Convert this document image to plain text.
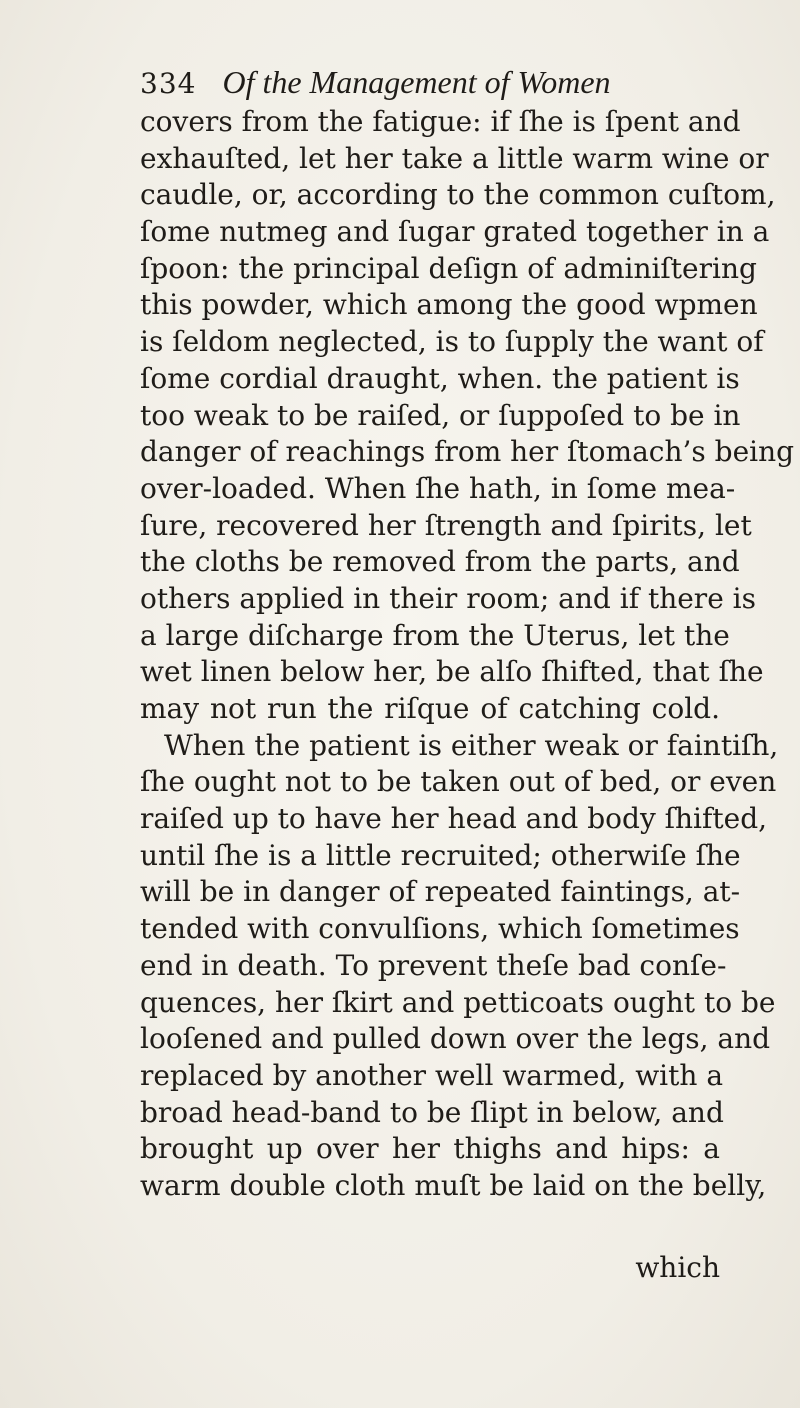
334 Of the Management of Women
covers from the fatigue: if ſhe is ſpent and
exhauſted, let her take a little warm wine or
caudle, or, according to the common cuſtom,
ſome nutmeg and ſugar grated together in a
ſpoon: the principal deſign of adminiſtering
this powder, which among the good wpmen
is ſeldom neglected, is to ſupply the want of
ſome cordial draught, when. the patient is
too weak to be raiſed, or ſuppoſed to be in
danger of reachings from her ſtomach’s being
over-loaded. When ſhe hath, in ſome mea-
ſure, recovered her ſtrength and ſpirits, let
the cloths be removed from the parts, and
others applied in their room; and if there is
a large diſcharge from the Uterus, let the
wet linen below her, be alſo ſhifted, that ſhe
may not run the riſque of catching cold.
When the patient is either weak or faintiſh,
ſhe ought not to be taken out of bed, or even
raiſed up to have her head and body ſhifted,
until ſhe is a little recruited; otherwiſe ſhe
will be in danger of repeated faintings, at-
tended with convulſions, which ſometimes
end in death. To prevent theſe bad conſe-
quences, her ſkirt and petticoats ought to be
looſened and pulled down over the legs, and
replaced by another well warmed, with a
broad head-band to be ſlipt in below, and
brought up over her thighs and hips: a
warm double cloth muſt be laid on the belly,
which
